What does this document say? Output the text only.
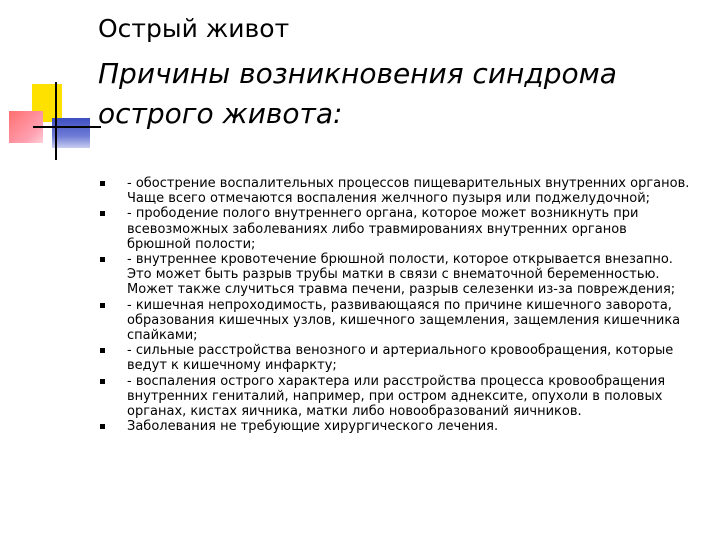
Острый живот
Причины возникновения синдрома острого живота:
- обострение воспалительных процессов пищеварительных внутренних органов. Чаще всего отмечаются воспаления желчного пузыря или поджелудочной;
- прободение полого внутреннего органа, которое может возникнуть при всевозможных заболеваниях либо травмированиях внутренних органов брюшной полости;
- внутреннее кровотечение брюшной полости, которое открывается внезапно. Это может быть разрыв трубы матки в связи с внематочной беременностью. Может также случиться травма печени, разрыв селезенки из-за повреждения;
- кишечная непроходимость, развивающаяся по причине кишечного заворота, образования кишечных узлов, кишечного защемления, защемления кишечника спайками;
- сильные расстройства венозного и артериального кровообращения, которые ведут к кишечному инфаркту;
- воспаления острого характера или расстройства процесса кровообращения внутренних гениталий, например, при остром аднексите, опухоли в половых органах, кистах яичника, матки либо новообразований яичников.
Заболевания не требующие хирургического лечения.
